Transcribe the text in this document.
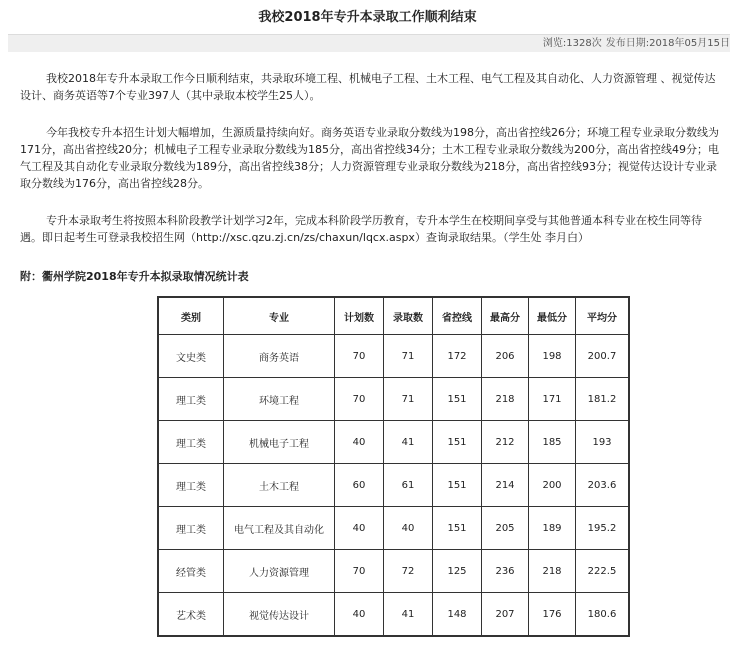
我校2018年专升本录取工作顺利结束
浏览:1328次 发布日期:2018年05月15日

我校2018年专升本录取工作今日顺利结束，共录取环境工程、机械电子工程、土木工程、电气工程及其自动化、人力资源管理 、视觉传达设计、商务英语等7个专业397人（其中录取本校学生25人）。

今年我校专升本招生计划大幅增加，生源质量持续向好。商务英语专业录取分数线为198分，高出省控线26分；环境工程专业录取分数线为171分，高出省控线20分；机械电子工程专业录取分数线为185分，高出省控线34分；土木工程专业录取分数线为200分，高出省控线49分；电气工程及其自动化专业录取分数线为189分，高出省控线38分；人力资源管理专业录取分数线为218分，高出省控线93分；视觉传达设计专业录取分数线为176分，高出省控线28分。

专升本录取考生将按照本科阶段教学计划学习2年，完成本科阶段学历教育，专升本学生在校期间享受与其他普通本科专业在校生同等待遇。即日起考生可登录我校招生网（http://xsc.qzu.zj.cn/zs/chaxun/lqcx.aspx）查询录取结果。（学生处 李月白）

附：衢州学院2018年专升本拟录取情况统计表
类别	专业	计划数	录取数	省控线	最高分	最低分	平均分
文史类	商务英语	70	71	172	206	198	200.7
理工类	环境工程	70	71	151	218	171	181.2
理工类	机械电子工程	40	41	151	212	185	193
理工类	土木工程	60	61	151	214	200	203.6
理工类	电气工程及其自动化	40	40	151	205	189	195.2
经管类	人力资源管理	70	72	125	236	218	222.5
艺术类	视觉传达设计	40	41	148	207	176	180.6
